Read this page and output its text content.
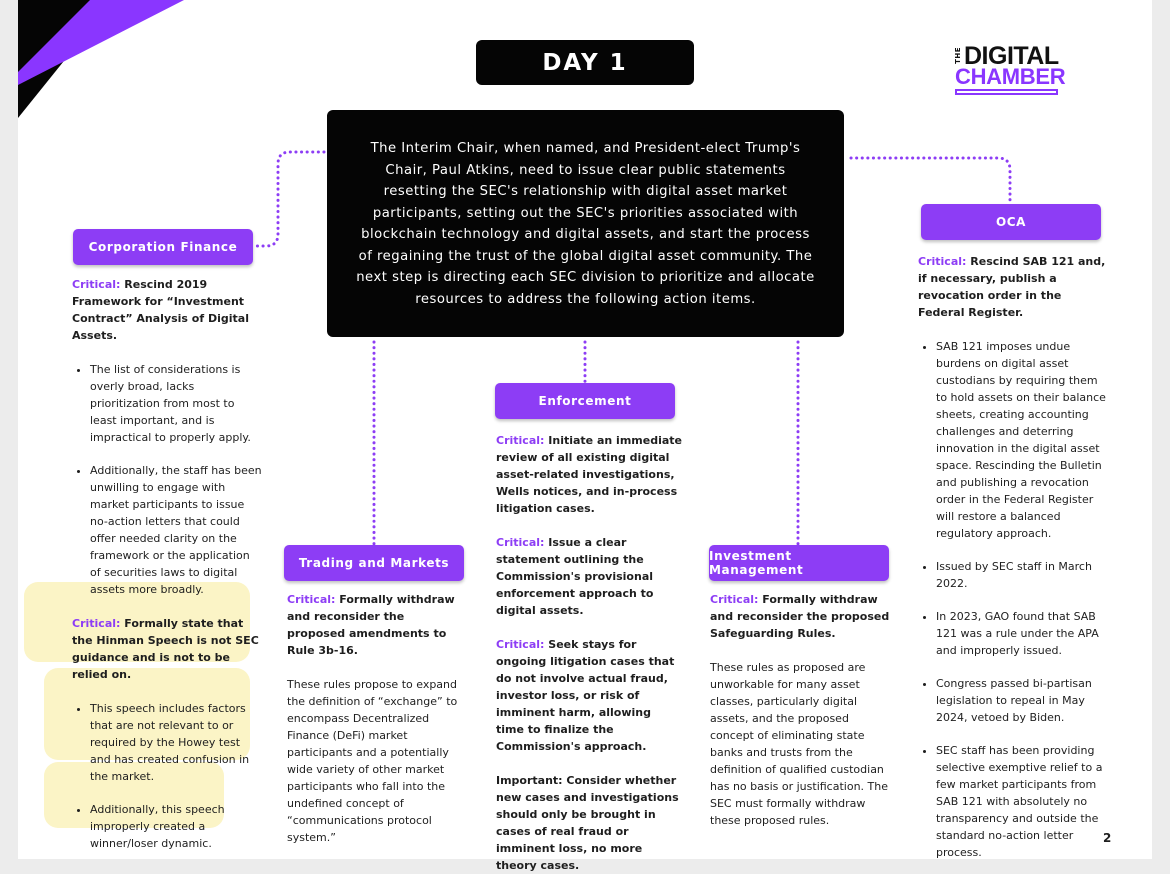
DAY 1	THE DIGITAL
CHAMBER
The Interim Chair, when named, and President-elect Trump's Chair, Paul Atkins, need to issue clear public statements resetting the SEC's relationship with digital asset market participants, setting out the SEC's priorities associated with blockchain technology and digital assets, and start the process of regaining the trust of the global digital asset community. The next step is directing each SEC division to prioritize and allocate resources to address the following action items.
Corporation Finance

Critical: Rescind 2019 Framework for “Investment Contract” Analysis of Digital Assets.

• The list of considerations is overly broad, lacks prioritization from most to least important, and is impractical to properly apply.
• Additionally, the staff has been unwilling to engage with market participants to issue no-action letters that could offer needed clarity on the framework or the application of securities laws to digital assets more broadly.

Critical: Formally state that the Hinman Speech is not SEC guidance and is not to be relied on.

• This speech includes factors that are not relevant to or required by the Howey test and has created confusion in the market.
• Additionally, this speech improperly created a winner/loser dynamic.
Trading and Markets

Critical: Formally withdraw and reconsider the proposed amendments to Rule 3b-16.

These rules propose to expand the definition of “exchange” to encompass Decentralized Finance (DeFi) market participants and a potentially wide variety of other market participants who fall into the undefined concept of “communications protocol system.”

Enforcement

Critical: Initiate an immediate review of all existing digital asset-related investigations, Wells notices, and in-process litigation cases.

Critical: Issue a clear statement outlining the Commission's provisional enforcement approach to digital assets.

Critical: Seek stays for ongoing litigation cases that do not involve actual fraud, investor loss, or risk of imminent harm, allowing time to finalize the Commission's approach.

Important: Consider whether new cases and investigations should only be brought in cases of real fraud or imminent loss, no more theory cases.

Investment Management

Critical: Formally withdraw and reconsider the proposed Safeguarding Rules.

These rules as proposed are unworkable for many asset classes, particularly digital assets, and the proposed concept of eliminating state banks and trusts from the definition of qualified custodian has no basis or justification. The SEC must formally withdraw these proposed rules.

OCA

Critical: Rescind SAB 121 and, if necessary, publish a revocation order in the Federal Register.

• SAB 121 imposes undue burdens on digital asset custodians by requiring them to hold assets on their balance sheets, creating accounting challenges and deterring innovation in the digital asset space. Rescinding the Bulletin and publishing a revocation order in the Federal Register will restore a balanced regulatory approach.
• Issued by SEC staff in March 2022.
• In 2023, GAO found that SAB 121 was a rule under the APA and improperly issued.
• Congress passed bi-partisan legislation to repeal in May 2024, vetoed by Biden.
• SEC staff has been providing selective exemptive relief to a few market participants from SAB 121 with absolutely no transparency and outside the standard no-action letter process.
2
